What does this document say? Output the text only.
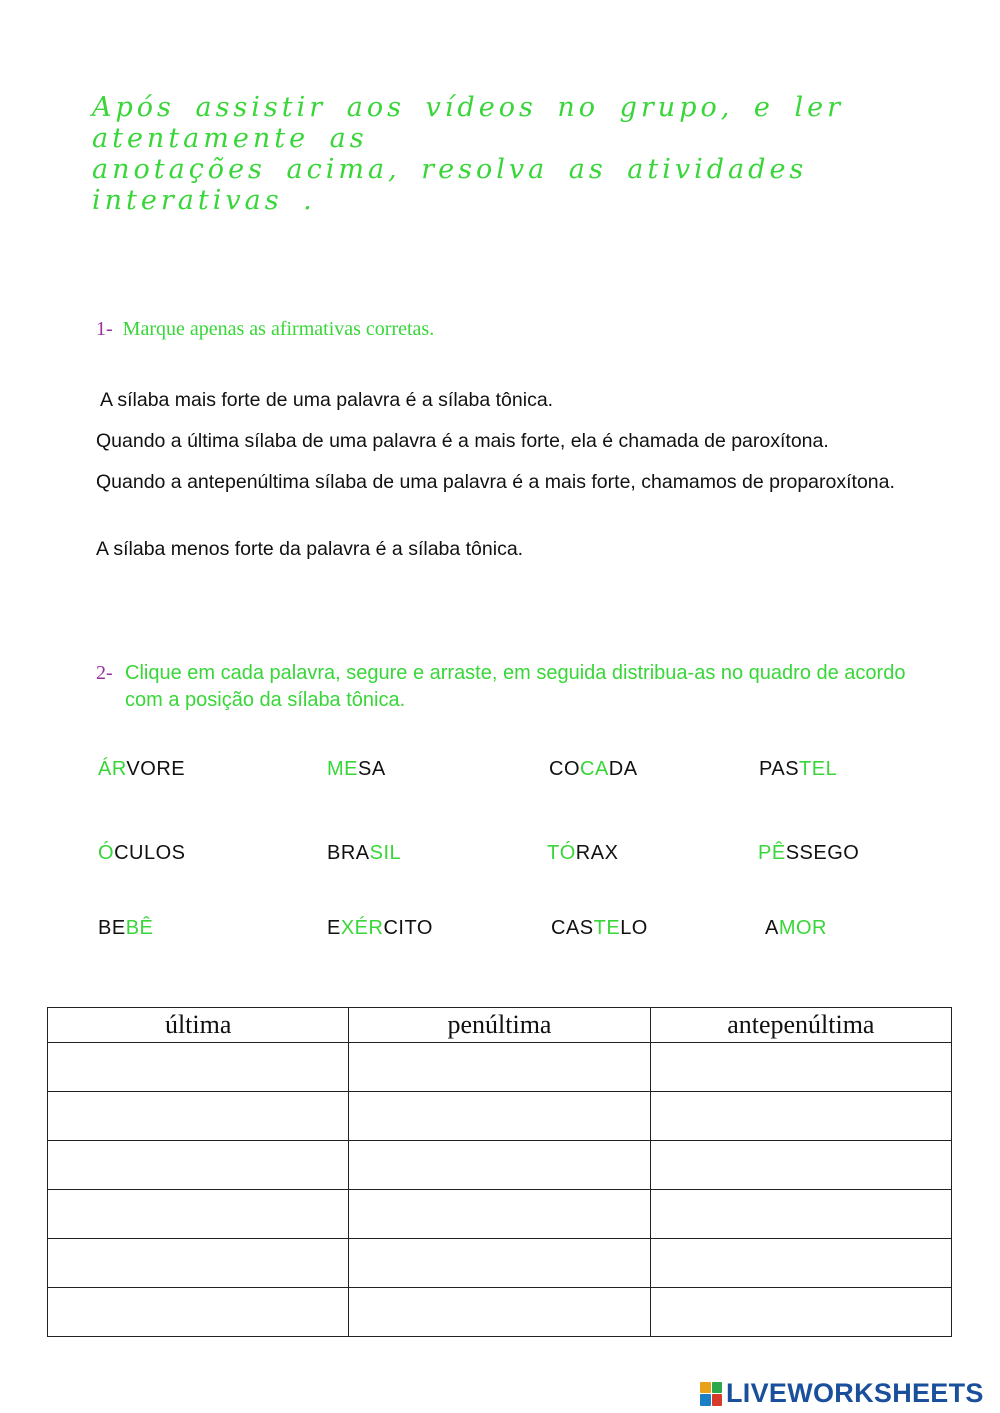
Após assistir aos vídeos no grupo, e ler atentamente as
anotações acima, resolva as atividades interativas .
1- Marque apenas as afirmativas corretas.
A sílaba mais forte de uma palavra é a sílaba tônica.
Quando a última sílaba de uma palavra é a mais forte, ela é chamada de paroxítona.
Quando a antepenúltima sílaba de uma palavra é a mais forte, chamamos de proparoxítona.
A sílaba menos forte da palavra é a sílaba tônica.
2- Clique em cada palavra, segure e arraste, em seguida distribua-as no quadro de acordo com a posição da sílaba tônica.
ÁRVORE	MESA	COCADA	PASTEL
ÓCULOS	BRASIL	TÓRAX	PÊSSEGO
BEBÊ	EXÉRCITO	CASTELO	AMOR
última	penúltima	antepenúltima

LIVEWORKSHEETS
